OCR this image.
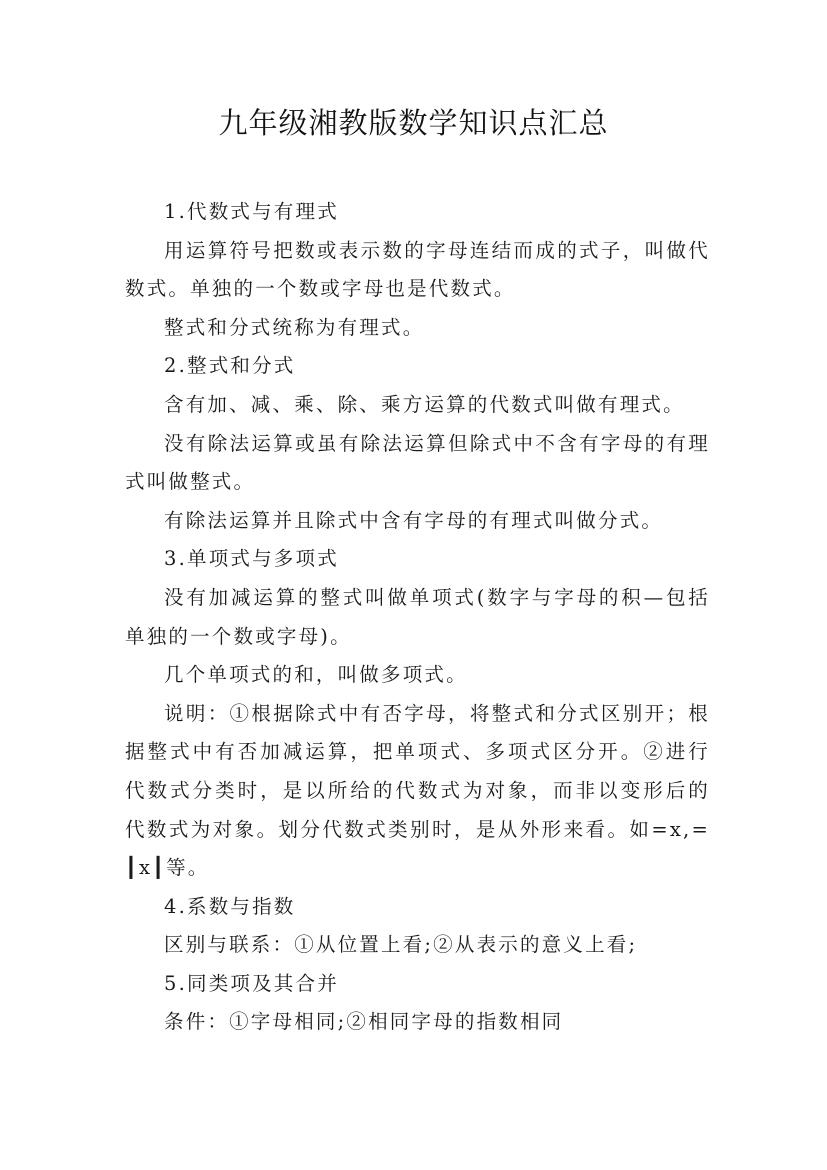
九年级湘教版数学知识点汇总

1.代数式与有理式

用运算符号把数或表示数的字母连结而成的式子，叫做代数式。单独的一个数或字母也是代数式。

整式和分式统称为有理式。

2.整式和分式

含有加、减、乘、除、乘方运算的代数式叫做有理式。

没有除法运算或虽有除法运算但除式中不含有字母的有理式叫做整式。

有除法运算并且除式中含有字母的有理式叫做分式。

3.单项式与多项式

没有加减运算的整式叫做单项式(数字与字母的积—包括单独的一个数或字母)。

几个单项式的和，叫做多项式。

说明：①根据除式中有否字母，将整式和分式区别开；根据整式中有否加减运算，把单项式、多项式区分开。②进行代数式分类时，是以所给的代数式为对象，而非以变形后的代数式为对象。划分代数式类别时，是从外形来看。如=x,=┃x┃等。

4.系数与指数

区别与联系：①从位置上看;②从表示的意义上看;

5.同类项及其合并

条件：①字母相同;②相同字母的指数相同
